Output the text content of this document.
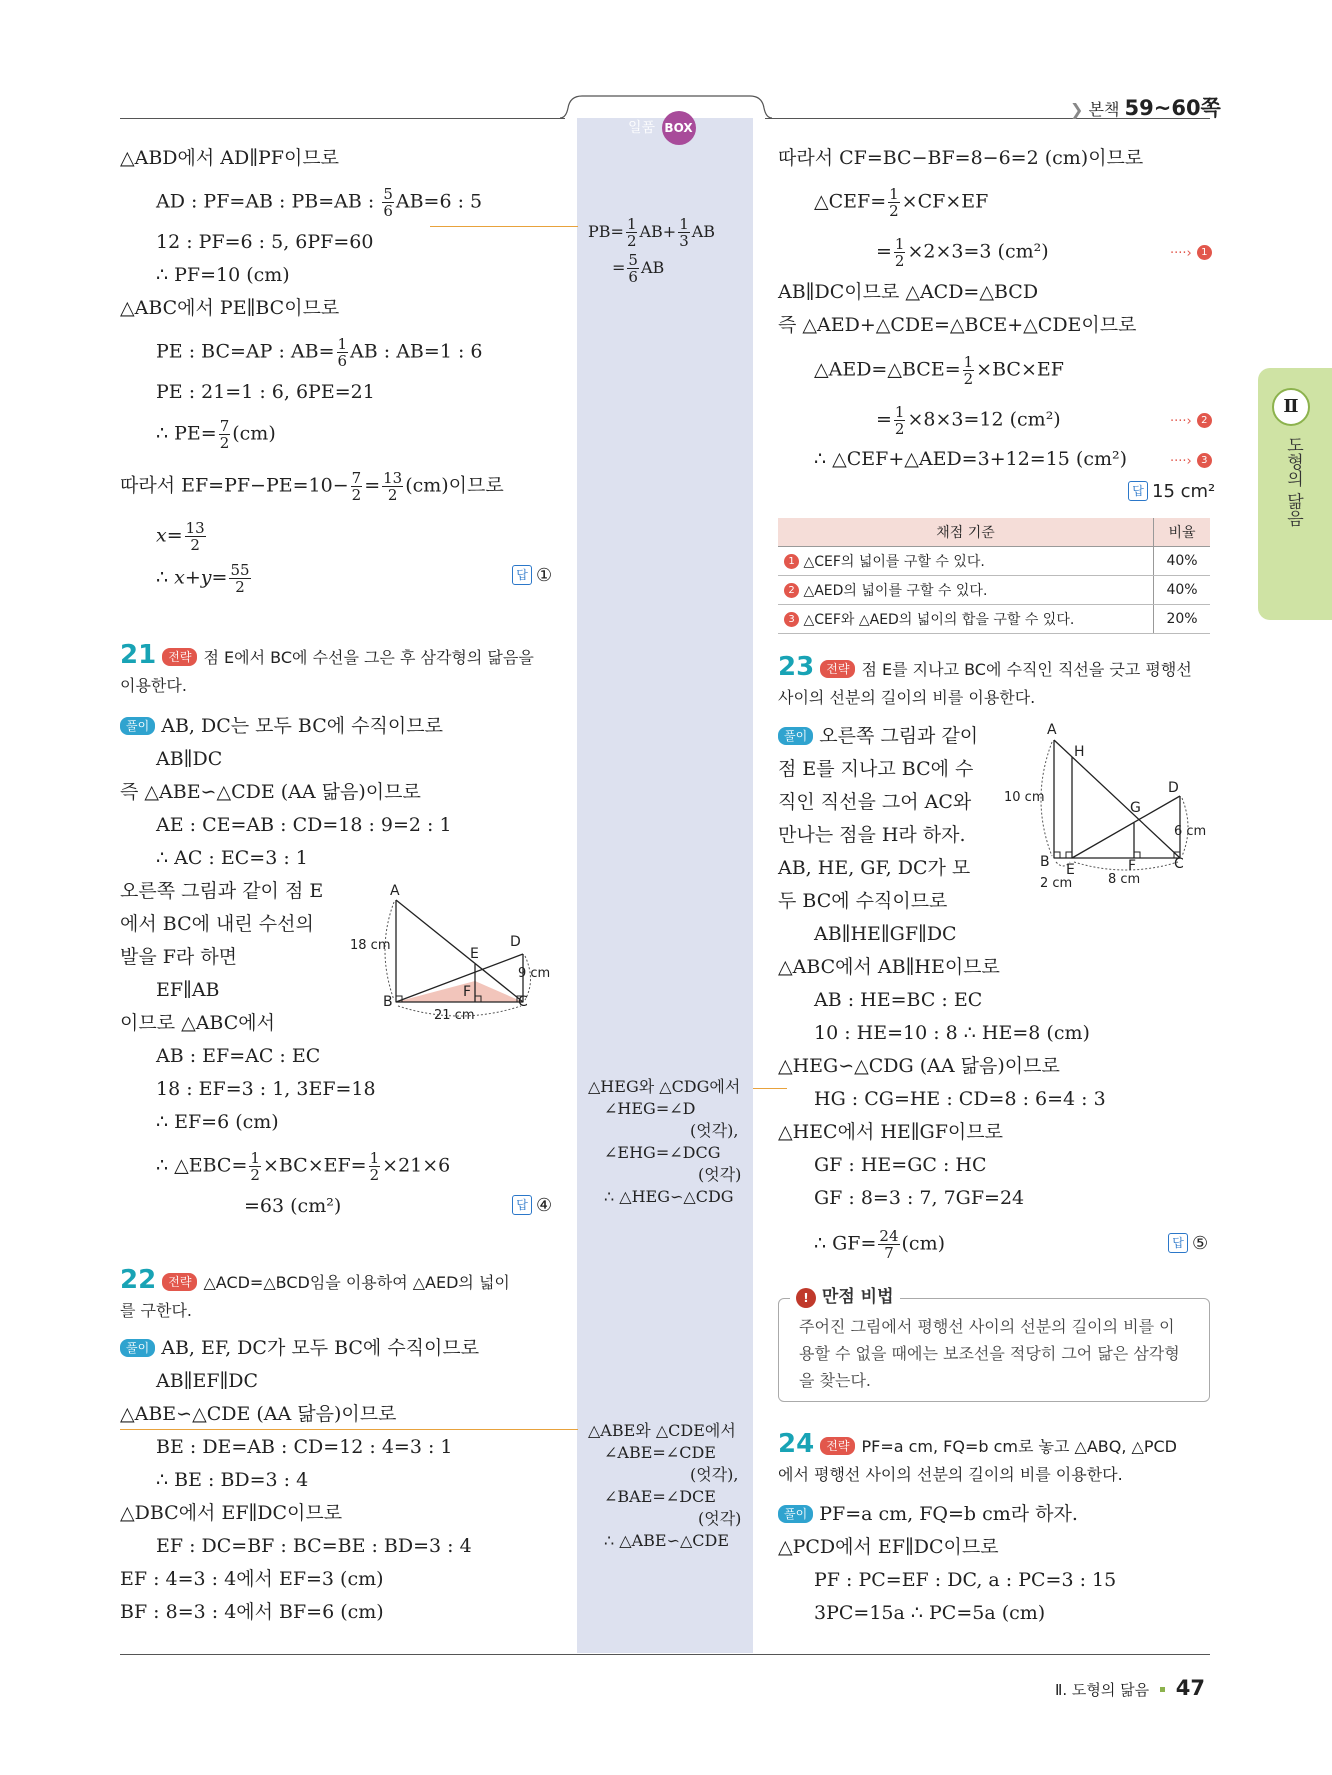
일품 BOX
❯ 본책 59~60쪽
Ⅱ
도형의 닮음
△ABD에서 AD∥PF이므로
AD : PF=AB : PB=AB : $\frac{5}{6} AB=6$ : 5
12 : PF=6 : 5, 6PF=60
∴ PF=10 (cm)
△ABC에서 PE∥BC이므로
PE : BC=AP : $AB= \frac{1}{6}$ AB : AB=1 : 6
PE : 21=1 : 6, 6PE=21
∴ $PE= \frac{7}{2} (cm)$
따라서 $EF=PF-PE=10- \frac{7}{2} = \frac{13}{2} (cm)$이므로
$x= \frac{13}{2}$
∴ $x+y= \frac{55}{2}$	답 ①
21 전략 점 E에서 BC에 수선을 그은 후 삼각형의 닮음을
이용한다.
풀이 AB, DC는 모두 BC에 수직이므로
AB∥DC
즉 △ABE∽△CDE (AA 닮음)이므로
AE : CE=AB : CD=18 : 9=2 : 1
∴ AC : EC=3 : 1
오른쪽 그림과 같이 점 E
에서 BC에 내린 수선의
발을 F라 하면
EF∥AB
이므로 △ABC에서
AB : EF=AC : EC
18 : EF=3 : 1, 3EF=18
∴ EF=6 (cm)
∴ △EBC= $\frac{1}{2} \times BC\times EF= \frac{1}{2} \times 21\times 6$
=63 (cm²)	답 ④
A
B	C
D
E
F
18 cm
9 cm
21 cm
22 전략 △ACD=△BCD임을 이용하여 △AED의 넓이
를 구한다.
풀이 AB, EF, DC가 모두 BC에 수직이므로
AB∥EF∥DC
△ABE∽△CDE (AA 닮음)이므로
BE : DE=AB : CD=12 : 4=3 : 1
∴ BE : BD=3 : 4
△DBC에서 EF∥DC이므로
EF : DC=BF : BC=BE : BD=3 : 4
EF : 4=3 : 4에서 EF=3 (cm)
BF : 8=3 : 4에서 BF=6 (cm)
$PB= \frac{1}{2} AB+ \frac{1}{3}$ AB
= $\frac{5}{6}$ AB
△HEG와 △CDG에서
∠HEG=∠D
(엇각),
∠EHG=∠DCG
(엇각)
∴ △HEG∽△CDG
△ABE와 △CDE에서
∠ABE=∠CDE
(엇각),
∠BAE=∠DCE
(엇각)
∴ △ABE∽△CDE
따라서 CF=BC−BF=8−6=2 (cm)이므로
△CEF= $\frac{1}{2} \times CF\times EF$
= $\frac{1}{2} \times 2\times 3=3$ (cm²)	····› 1
AB∥DC이므로 △ACD=△BCD
즉 △AED+△CDE=△BCE+△CDE이므로
△AED=△BCE= $\frac{1}{2} \times BC\times EF$
= $\frac{1}{2} \times 8\times 3=12$ (cm²)	····› 2
∴ △CEF+△AED=3+12=15 (cm²)	····› 3
답 15 cm²
채점 기준	비율
1 △CEF의 넓이를 구할 수 있다.	40%
2 △AED의 넓이를 구할 수 있다.	40%
3 △CEF와 △AED의 넓이의 합을 구할 수 있다.	20%
23 전략 점 E를 지나고 BC에 수직인 직선을 긋고 평행선
사이의 선분의 길이의 비를 이용한다.
풀이 오른쪽 그림과 같이
점 E를 지나고 BC에 수
직인 직선을 그어 AC와
만나는 점을 H라 하자.
AB, HE, GF, DC가 모
두 BC에 수직이므로
AB∥HE∥GF∥DC
△ABC에서 AB∥HE이므로
AB : HE=BC : EC
10 : HE=10 : 8 ∴ HE=8 (cm)
△HEG∽△CDG (AA 닮음)이므로
HG : CG=HE : CD=8 : 6=4 : 3
△HEC에서 HE∥GF이므로
GF : HE=GC : HC
GF : 8=3 : 7, 7GF=24
∴ $GF= \frac{24}{7} (cm)$	답 ⑤
A
H
D
G
B E	F	C
10 cm
6 cm
2 cm	8 cm
주어진 그림에서 평행선 사이의 선분의 길이의 비를 이
용할 수 없을 때에는 보조선을 적당히 그어 닮은 삼각형
을 찾는다.
! 만점 비법
24 전략 PF=a cm, FQ=b cm로 놓고 △ABQ, △PCD
에서 평행선 사이의 선분의 길이의 비를 이용한다.
풀이 PF=a cm, FQ=b cm라 하자.
△PCD에서 EF∥DC이므로
PF : PC=EF : DC, a : PC=3 : 15
3PC=15a ∴ PC=5a (cm)
Ⅱ. 도형의 닮음 47
